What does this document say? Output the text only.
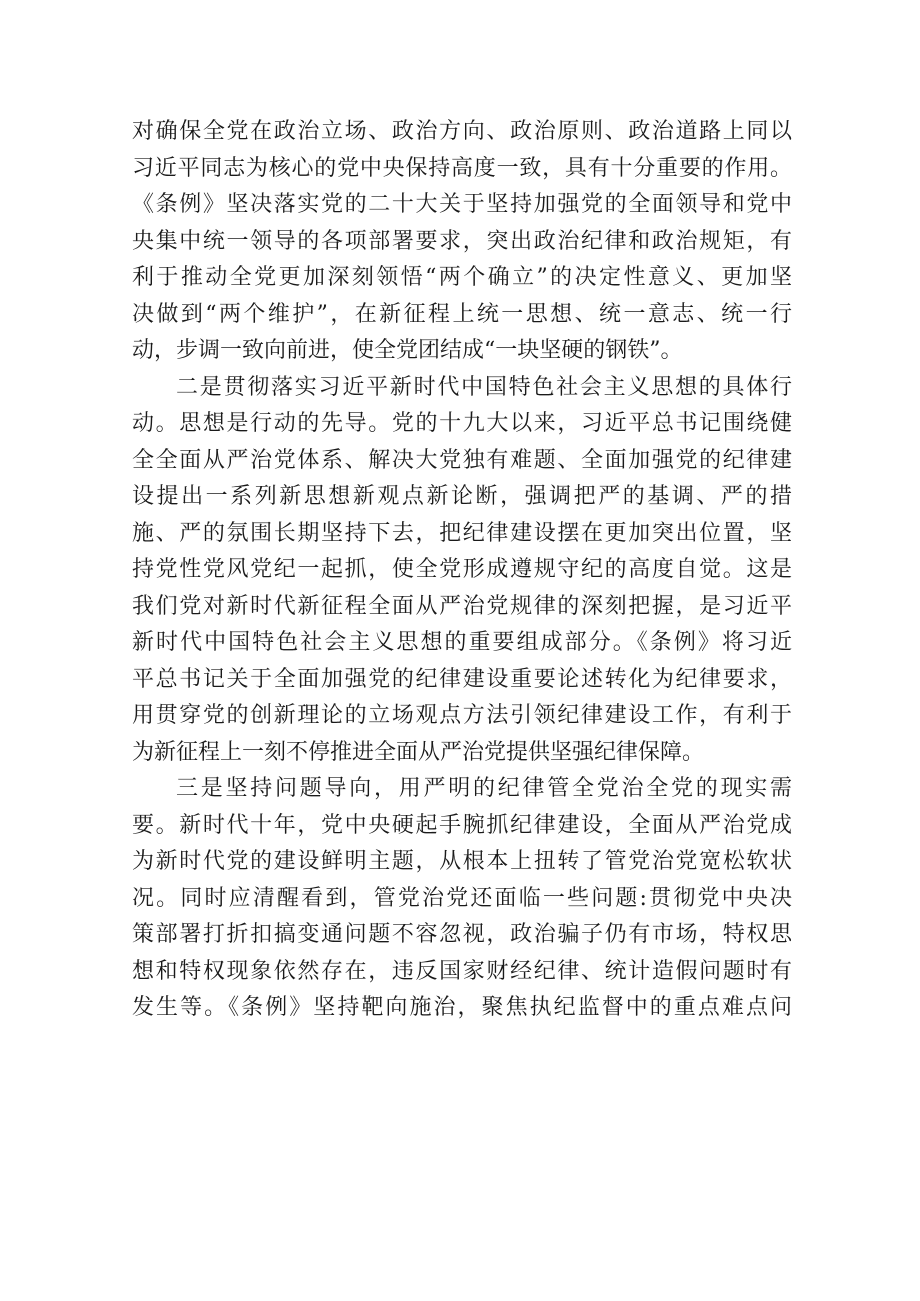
对确保全党在政治立场、政治方向、政治原则、政治道路上同以
习近平同志为核心的党中央保持高度一致，具有十分重要的作用。
《条例》坚决落实党的二十大关于坚持加强党的全面领导和党中
央集中统一领导的各项部署要求，突出政治纪律和政治规矩，有
利于推动全党更加深刻领悟“两个确立”的决定性意义、更加坚
决做到“两个维护”，在新征程上统一思想、统一意志、统一行
动，步调一致向前进，使全党团结成“一块坚硬的钢铁”。
二是贯彻落实习近平新时代中国特色社会主义思想的具体行
动。思想是行动的先导。党的十九大以来，习近平总书记围绕健
全全面从严治党体系、解决大党独有难题、全面加强党的纪律建
设提出一系列新思想新观点新论断，强调把严的基调、严的措
施、严的氛围长期坚持下去，把纪律建设摆在更加突出位置，坚
持党性党风党纪一起抓，使全党形成遵规守纪的高度自觉。这是
我们党对新时代新征程全面从严治党规律的深刻把握，是习近平
新时代中国特色社会主义思想的重要组成部分。《条例》将习近
平总书记关于全面加强党的纪律建设重要论述转化为纪律要求，
用贯穿党的创新理论的立场观点方法引领纪律建设工作，有利于
为新征程上一刻不停推进全面从严治党提供坚强纪律保障。
三是坚持问题导向，用严明的纪律管全党治全党的现实需
要。新时代十年，党中央硬起手腕抓纪律建设，全面从严治党成
为新时代党的建设鲜明主题，从根本上扭转了管党治党宽松软状
况。同时应清醒看到，管党治党还面临一些问题:贯彻党中央决
策部署打折扣搞变通问题不容忽视，政治骗子仍有市场，特权思
想和特权现象依然存在，违反国家财经纪律、统计造假问题时有
发生等。《条例》坚持靶向施治，聚焦执纪监督中的重点难点问
